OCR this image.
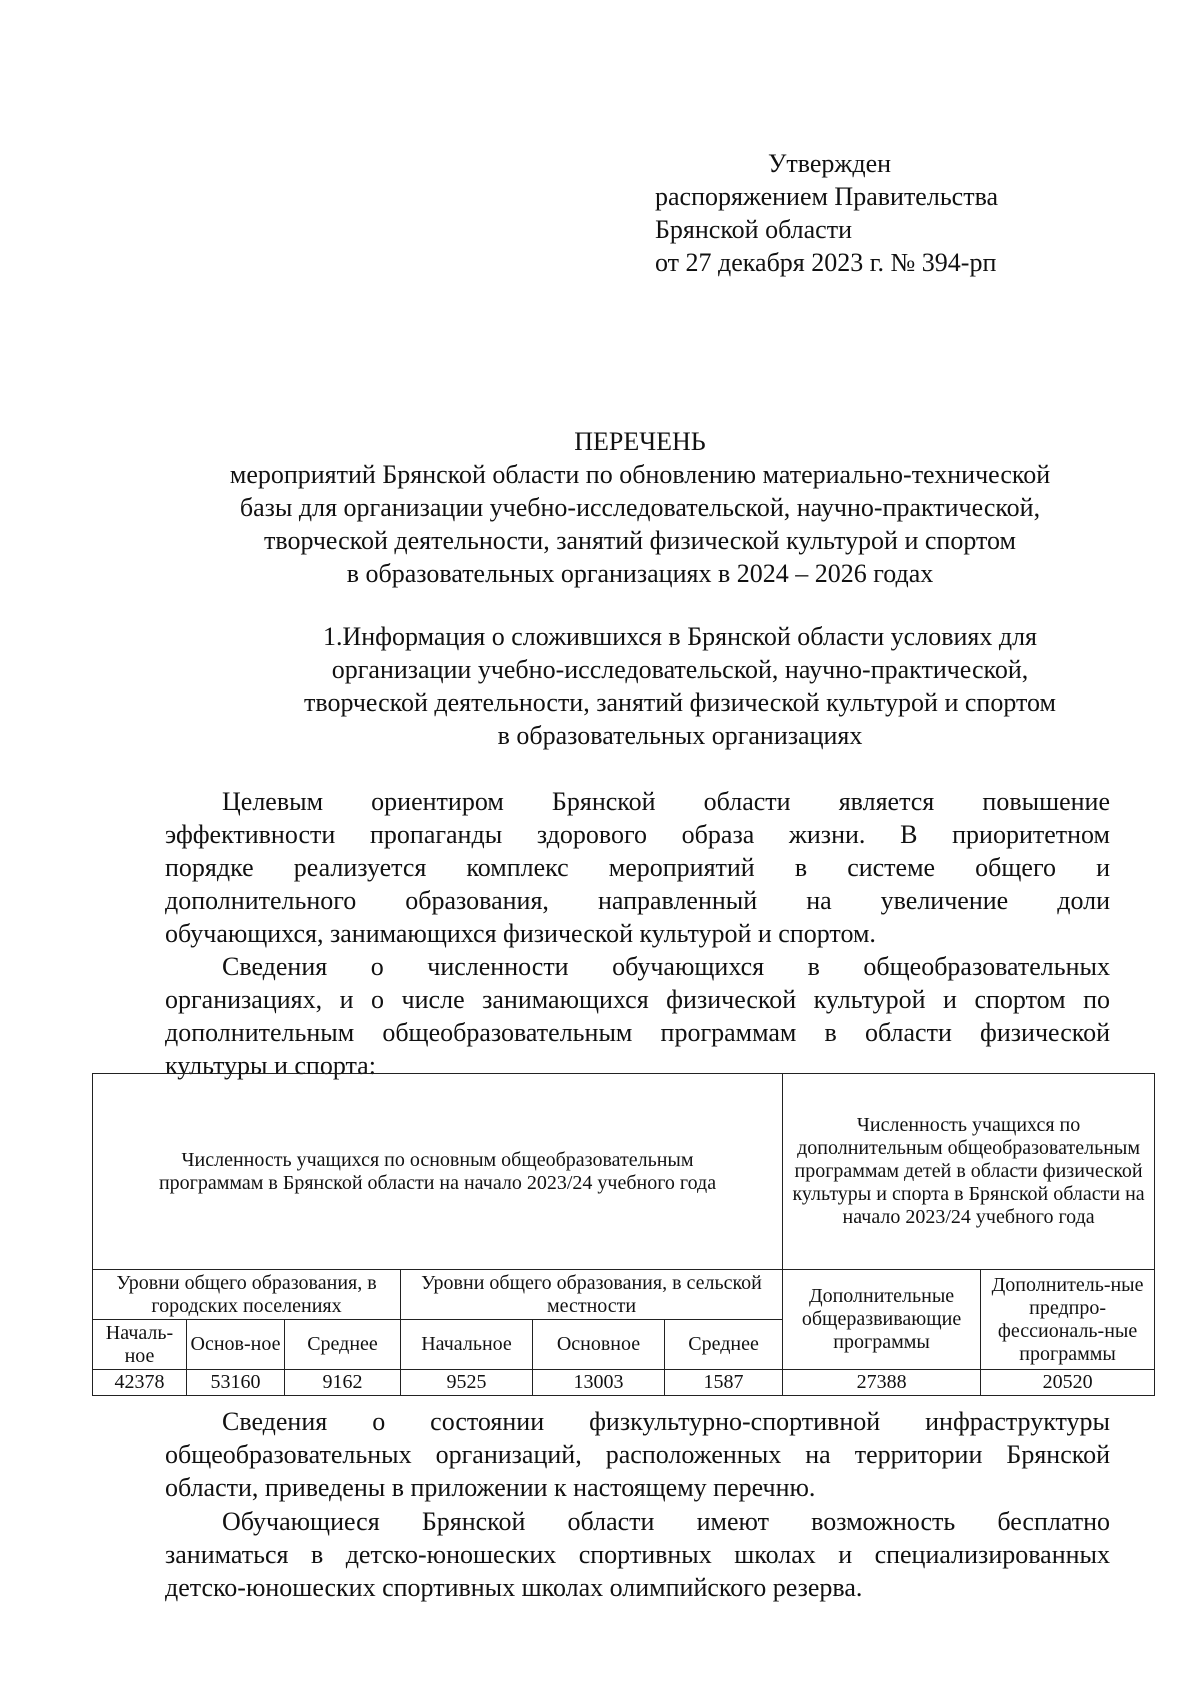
Утвержден
распоряжением Правительства
Брянской области
от 27 декабря 2023 г. № 394-рп
ПЕРЕЧЕНЬ
мероприятий Брянской области по обновлению материально-технической
базы для организации учебно-исследовательской, научно-практической,
творческой деятельности, занятий физической культурой и спортом
в образовательных организациях в 2024 – 2026 годах
1.Информация о сложившихся в Брянской области условиях для
организации учебно-исследовательской, научно-практической,
творческой деятельности, занятий физической культурой и спортом
в образовательных организациях
Целевым ориентиром Брянской области является повышение
эффективности пропаганды здорового образа жизни. В приоритетном
порядке реализуется комплекс мероприятий в системе общего и
дополнительного образования, направленный на увеличение доли
обучающихся, занимающихся физической культурой и спортом.
Сведения о численности обучающихся в общеобразовательных
организациях, и о числе занимающихся физической культурой и спортом по
дополнительным общеобразовательным программам в области физической
культуры и спорта:
Численность учащихся по основным общеобразовательным программам в Брянской области на начало 2023/24 учебного года						Численность учащихся по дополнительным общеобразовательным программам детей в области физической культуры и спорта в Брянской области на начало 2023/24 учебного года	
Уровни общего образования, в городских поселениях			Уровни общего образования, в сельской местности			Дополнительные общеразвивающие программы	Дополнитель-ные предпро-фессиональ-ные программы
Началь-ное	Основ-ное	Среднее	Начальное	Основное	Среднее		
42378	53160	9162	9525	13003	1587	27388	20520
Сведения о состоянии физкультурно-спортивной инфраструктуры
общеобразовательных организаций, расположенных на территории Брянской
области, приведены в приложении к настоящему перечню.
Обучающиеся Брянской области имеют возможность бесплатно
заниматься в детско-юношеских спортивных школах и специализированных
детско-юношеских спортивных школах олимпийского резерва.
